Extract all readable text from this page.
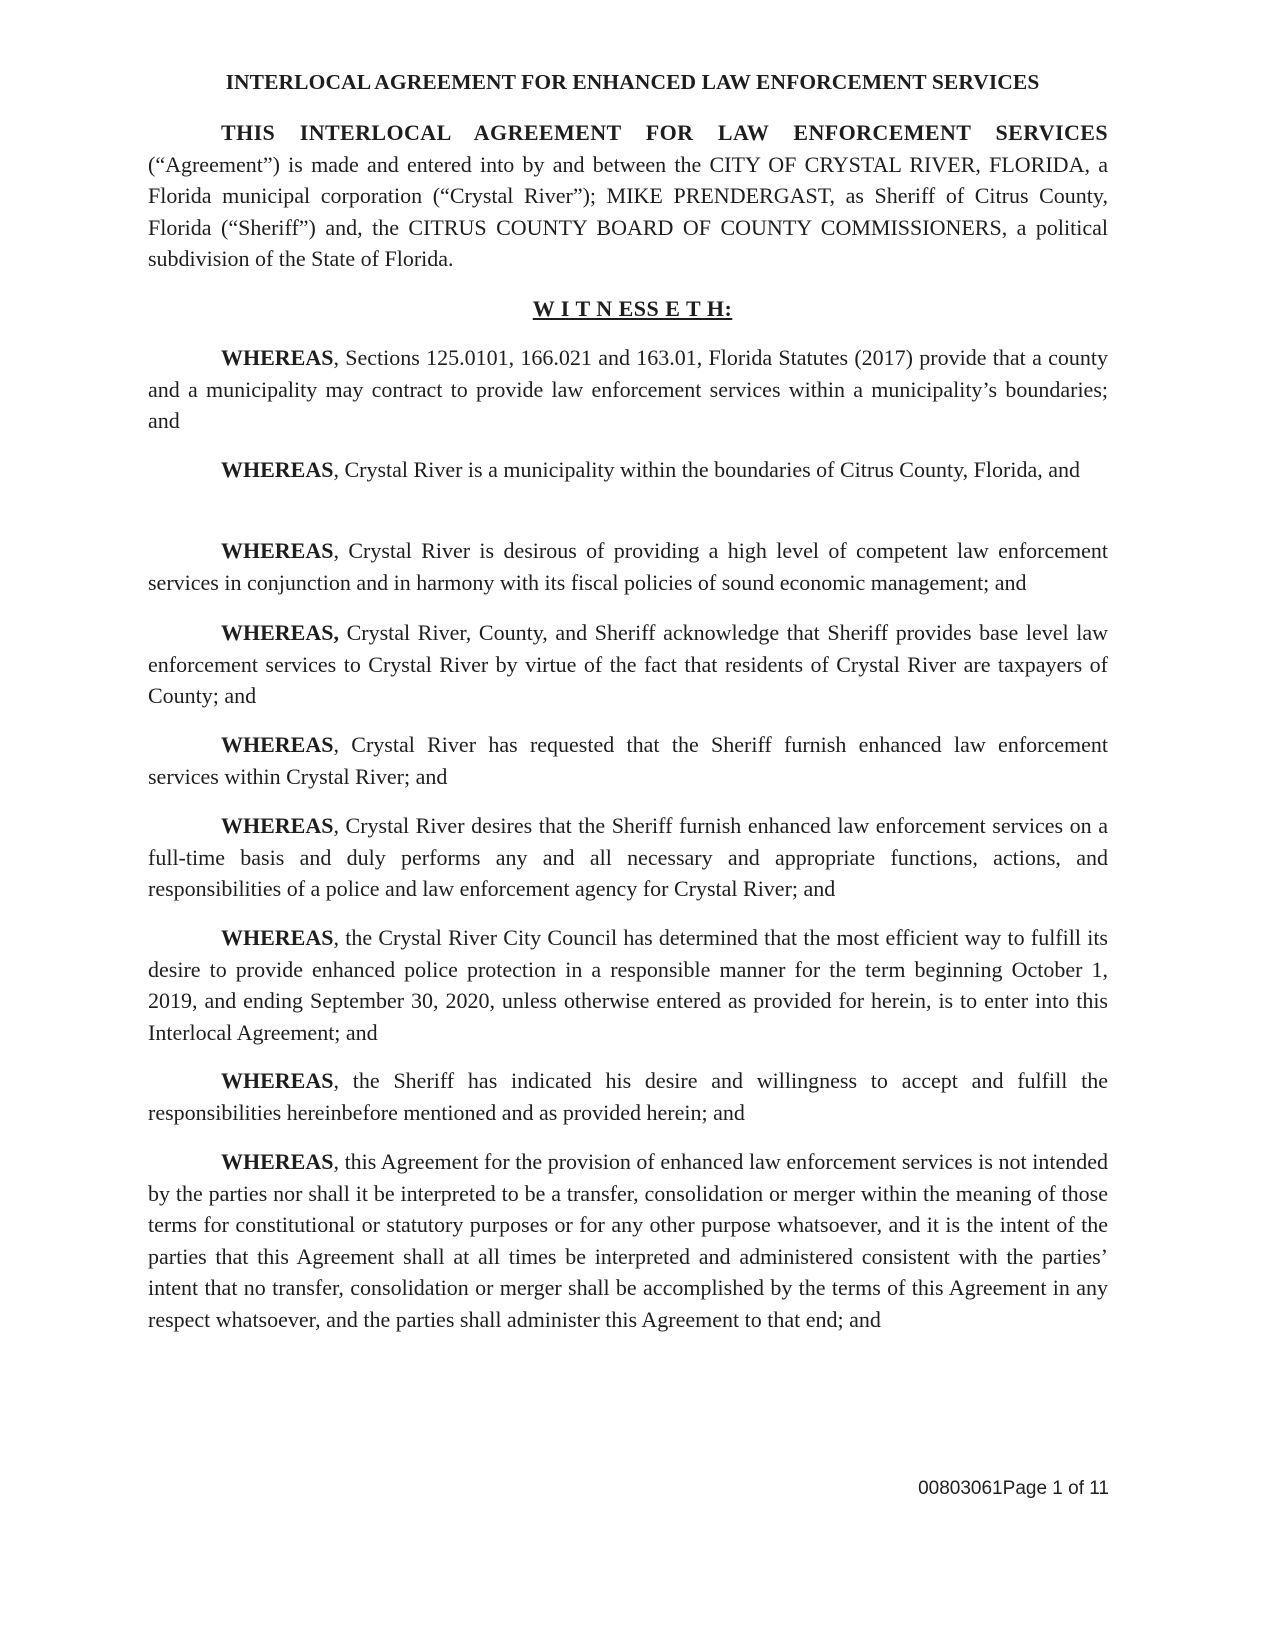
INTERLOCAL AGREEMENT FOR ENHANCED LAW ENFORCEMENT SERVICES

THIS INTERLOCAL AGREEMENT FOR LAW ENFORCEMENT SERVICES (“Agreement”) is made and entered into by and between the CITY OF CRYSTAL RIVER, FLORIDA, a Florida municipal corporation (“Crystal River”); MIKE PRENDERGAST, as Sheriff of Citrus County, Florida (“Sheriff”) and, the CITRUS COUNTY BOARD OF COUNTY COMMISSIONERS, a political subdivision of the State of Florida.

W I T N ESS E T H:

WHEREAS, Sections 125.0101, 166.021 and 163.01, Florida Statutes (2017) provide that a county and a municipality may contract to provide law enforcement services within a municipality’s boundaries; and

WHEREAS, Crystal River is a municipality within the boundaries of Citrus County, Florida, and

WHEREAS, Crystal River is desirous of providing a high level of competent law enforcement services in conjunction and in harmony with its fiscal policies of sound economic management; and

WHEREAS, Crystal River, County, and Sheriff acknowledge that Sheriff provides base level law enforcement services to Crystal River by virtue of the fact that residents of Crystal River are taxpayers of County; and

WHEREAS, Crystal River has requested that the Sheriff furnish enhanced law enforcement services within Crystal River; and

WHEREAS, Crystal River desires that the Sheriff furnish enhanced law enforcement services on a full-time basis and duly performs any and all necessary and appropriate functions, actions, and responsibilities of a police and law enforcement agency for Crystal River; and

WHEREAS, the Crystal River City Council has determined that the most efficient way to fulfill its desire to provide enhanced police protection in a responsible manner for the term beginning October 1, 2019, and ending September 30, 2020, unless otherwise entered as provided for herein, is to enter into this Interlocal Agreement; and

WHEREAS, the Sheriff has indicated his desire and willingness to accept and fulfill the responsibilities hereinbefore mentioned and as provided herein; and

WHEREAS, this Agreement for the provision of enhanced law enforcement services is not intended by the parties nor shall it be interpreted to be a transfer, consolidation or merger within the meaning of those terms for constitutional or statutory purposes or for any other purpose whatsoever, and it is the intent of the parties that this Agreement shall at all times be interpreted and administered consistent with the parties’ intent that no transfer, consolidation or merger shall be accomplished by the terms of this Agreement in any respect whatsoever, and the parties shall administer this Agreement to that end; and

00803061Page 1 of 11
